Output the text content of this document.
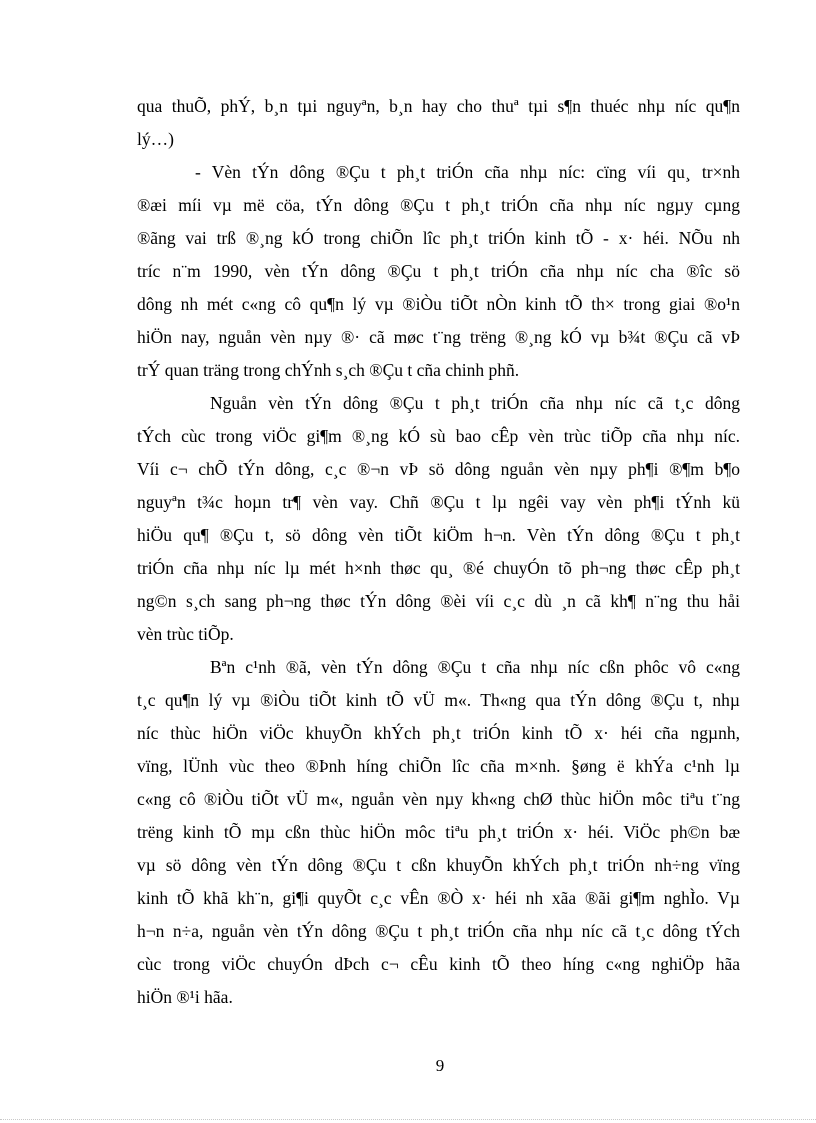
qua thuÕ, phÝ, b¸n tµi nguyªn, b¸n hay cho thuª tµi s¶n thuéc nhµ níc qu¶n
lý…)
- Vèn tÝn dông ®Çu t ph¸t triÓn cña nhµ níc: cïng víi qu¸ tr×nh
®æi míi vµ më cöa, tÝn dông ®Çu t ph¸t triÓn cña nhµ níc ngµy cµng
®ãng vai trß ®¸ng kÓ trong chiÕn lîc ph¸t triÓn kinh tÕ - x· héi. NÕu nh
tríc n¨m 1990, vèn tÝn dông ®Çu t ph¸t triÓn cña nhµ níc cha ®îc sö
dông nh mét c«ng cô qu¶n lý vµ ®iÒu tiÕt nÒn kinh tÕ th× trong giai ®o¹n
hiÖn nay, nguån vèn nµy ®· cã møc t¨ng trëng ®¸ng kÓ vµ b¾t ®Çu cã vÞ
trÝ quan träng trong chÝnh s¸ch ®Çu t cña chinh phñ.
Nguån vèn tÝn dông ®Çu t ph¸t triÓn cña nhµ níc cã t¸c dông
tÝch cùc trong viÖc gi¶m ®¸ng kÓ sù bao cÊp vèn trùc tiÕp cña nhµ níc.
Víi c¬ chÕ tÝn dông, c¸c ®¬n vÞ sö dông nguån vèn nµy ph¶i ®¶m b¶o
nguyªn t¾c hoµn tr¶ vèn vay. Chñ ®Çu t lµ ngêi vay vèn ph¶i tÝnh kü
hiÖu qu¶ ®Çu t, sö dông vèn tiÕt kiÖm h¬n. Vèn tÝn dông ®Çu t ph¸t
triÓn cña nhµ níc lµ mét h×nh thøc qu¸ ®é chuyÓn tõ ph¬ng thøc cÊp ph¸t
ng©n s¸ch sang ph¬ng thøc tÝn dông ®èi víi c¸c dù ¸n cã kh¶ n¨ng thu håi
vèn trùc tiÕp.
Bªn c¹nh ®ã, vèn tÝn dông ®Çu t cña nhµ níc cßn phôc vô c«ng
t¸c qu¶n lý vµ ®iÒu tiÕt kinh tÕ vÜ m«. Th«ng qua tÝn dông ®Çu t, nhµ
níc thùc hiÖn viÖc khuyÕn khÝch ph¸t triÓn kinh tÕ x· héi cña ngµnh,
vïng, lÜnh vùc theo ®Þnh híng chiÕn lîc cña m×nh. §øng ë khÝa c¹nh lµ
c«ng cô ®iÒu tiÕt vÜ m«, nguån vèn nµy kh«ng chØ thùc hiÖn môc tiªu t¨ng
trëng kinh tÕ mµ cßn thùc hiÖn môc tiªu ph¸t triÓn x· héi. ViÖc ph©n bæ
vµ sö dông vèn tÝn dông ®Çu t cßn khuyÕn khÝch ph¸t triÓn nh÷ng vïng
kinh tÕ khã kh¨n, gi¶i quyÕt c¸c vÊn ®Ò x· héi nh xãa ®ãi gi¶m nghÌo. Vµ
h¬n n÷a, nguån vèn tÝn dông ®Çu t ph¸t triÓn cña nhµ níc cã t¸c dông tÝch
cùc trong viÖc chuyÓn dÞch c¬ cÊu kinh tÕ theo híng c«ng nghiÖp hãa
hiÖn ®¹i hãa.
9
